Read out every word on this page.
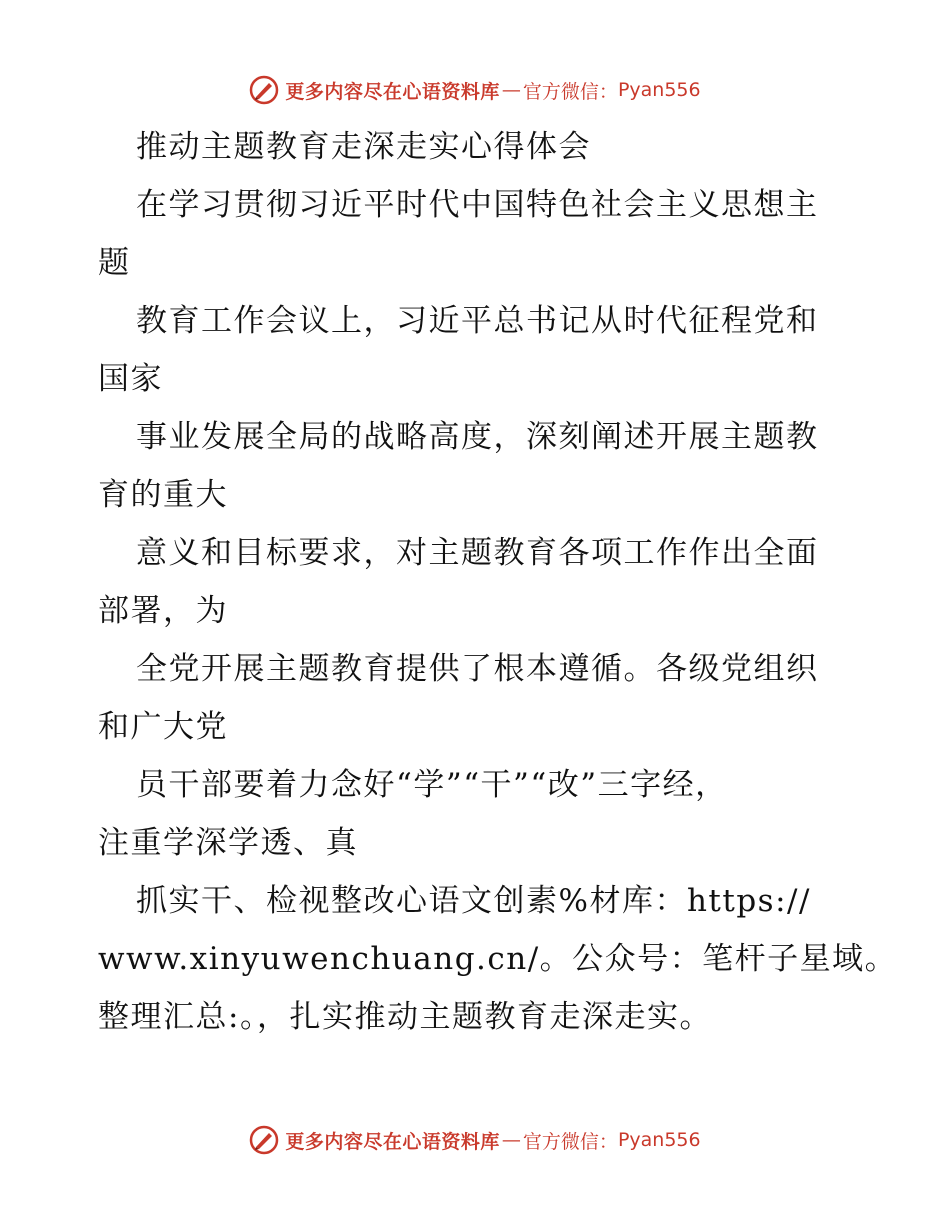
更多内容尽在心语资料库 — 官方微信： Pyan556
推动主题教育走深走实心得体会
在学习贯彻习近平时代中国特色社会主义思想主
题
教育工作会议上，习近平总书记从时代征程党和
国家
事业发展全局的战略高度，深刻阐述开展主题教
育的重大
意义和目标要求，对主题教育各项工作作出全面
部署，为
全党开展主题教育提供了根本遵循。各级党组织
和广大党
员干部要着力念好“学”“干”“改”三字经，
注重学深学透、真
抓实干、检视整改心语文创素%材库：https://
www.xinyuwenchuang.cn/。公众号：笔杆子星域。
整理汇总:。，扎实推动主题教育走深走实。
更多内容尽在心语资料库 — 官方微信： Pyan556
